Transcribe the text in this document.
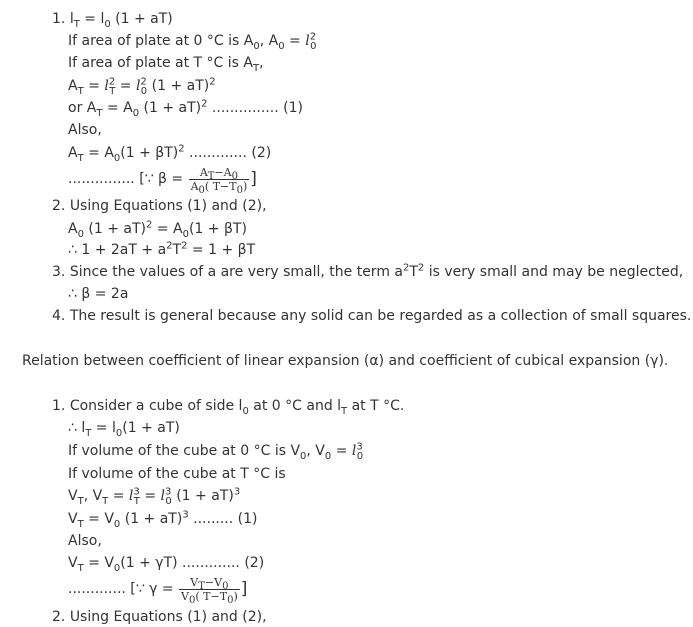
1. $l_T = l_0$ (1 + aT)
If area of plate at 0 °C is $A_0$, $A_0 = l^2_0$
If area of plate at T °C is $A_T$,
$A_T = l^2_T = l^2_0$ (1 + aT)$^2$
or $A_T = A_0$ (1 + aT)$^2$ ............... (1)
Also,
$A_T = A_0(1 + \beta T)^2$ ............. (2)
............... [∵ $\beta = \frac{A_T-A_0}{A_0( T-T_0)}$ ]
2. Using Equations (1) and (2),
$A_0$ $(1 + aT)^2 = A_0(1 + \beta T)$
∴ $1 + 2aT + a^2T^2 = 1 + \beta T$
3. Since the values of a are very small, the term $a^2T^2$ is very small and may be neglected,
∴ β = 2a
4. The result is general because any solid can be regarded as a collection of small squares.
Relation between coefficient of linear expansion (α) and coefficient of cubical expansion (γ).
1. Consider a cube of side $l_0$ at 0 °C and $l_T$ at T °C.
∴ $l_T = l_0(1 + aT)$
If volume of the cube at 0 °C is $V_0$, $V_0 = l^3_0$
If volume of the cube at T °C is
$V_T$, $V_T = l^3_T = l^3_0$ (1 + aT)$^3$
$V_T = V_0$ (1 + aT)$^3$ ......... (1)
Also,
$V_T = V_0(1 + \gamma T)$ ............. (2)
............. [∵ $\gamma = \frac{V_T-V_0}{V_0( T-T_0)}$ ]
2. Using Equations (1) and (2),
